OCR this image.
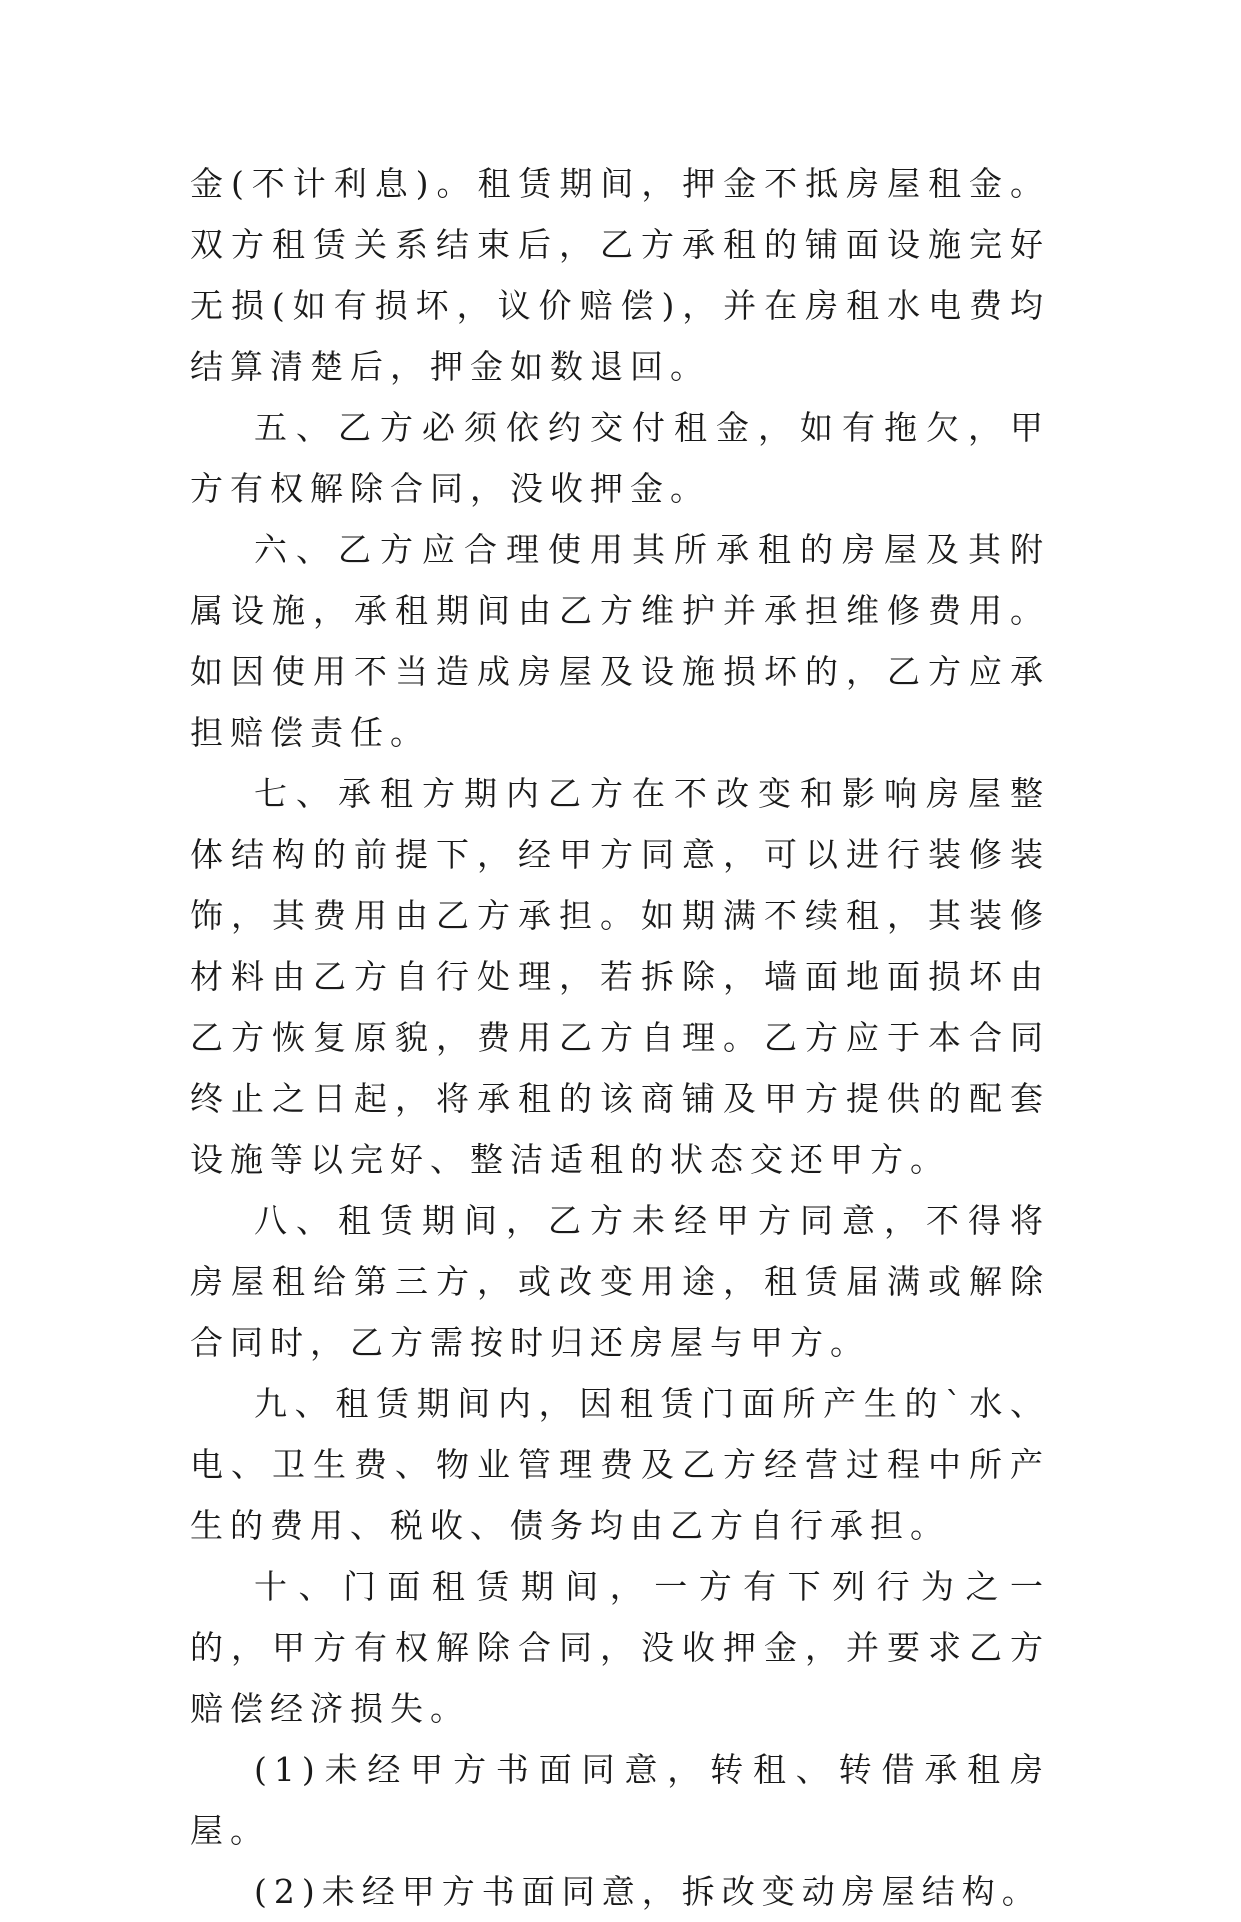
金(不计利息)。租赁期间，押金不抵房屋租金。双方租赁关系结束后，乙方承租的铺面设施完好无损(如有损坏，议价赔偿)，并在房租水电费均结算清楚后，押金如数退回。

五、乙方必须依约交付租金，如有拖欠，甲方有权解除合同，没收押金。

六、乙方应合理使用其所承租的房屋及其附属设施，承租期间由乙方维护并承担维修费用。如因使用不当造成房屋及设施损坏的，乙方应承担赔偿责任。

七、承租方期内乙方在不改变和影响房屋整体结构的前提下，经甲方同意，可以进行装修装饰，其费用由乙方承担。如期满不续租，其装修材料由乙方自行处理，若拆除，墙面地面损坏由乙方恢复原貌，费用乙方自理。乙方应于本合同终止之日起，将承租的该商铺及甲方提供的配套设施等以完好、整洁适租的状态交还甲方。

八、租赁期间，乙方未经甲方同意，不得将房屋租给第三方，或改变用途，租赁届满或解除合同时，乙方需按时归还房屋与甲方。

九、租赁期间内，因租赁门面所产生的`水、电、卫生费、物业管理费及乙方经营过程中所产生的费用、税收、债务均由乙方自行承担。

十、门面租赁期间，一方有下列行为之一的，甲方有权解除合同，没收押金，并要求乙方赔偿经济损失。

(1)未经甲方书面同意，转租、转借承租房屋。

(2)未经甲方书面同意，拆改变动房屋结构。
